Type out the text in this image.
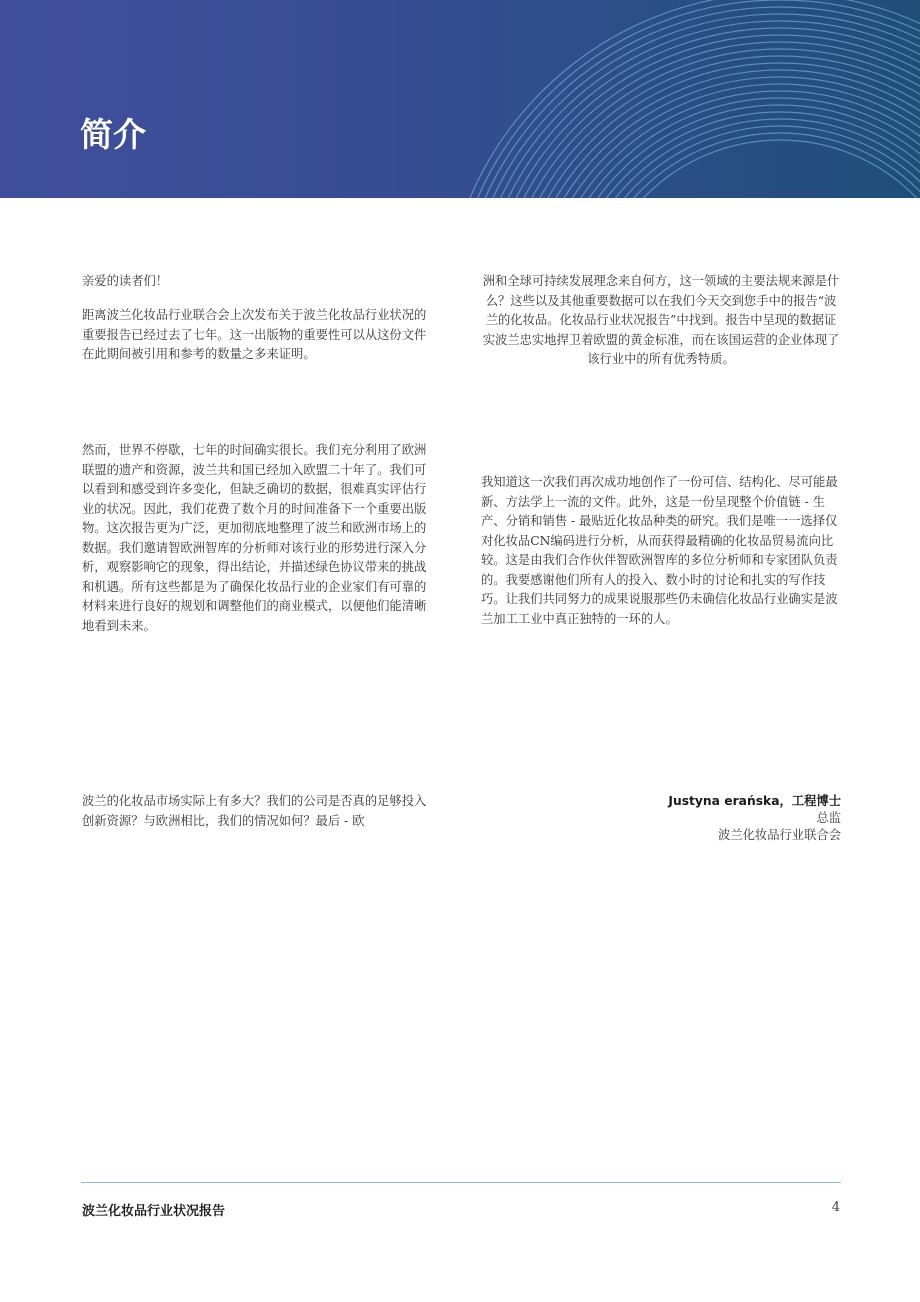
简介

亲爱的读者们！

距离波兰化妆品行业联合会上次发布关于波兰化妆品行业状况的重要报告已经过去了七年。这一出版物的重要性可以从这份文件在此期间被引用和参考的数量之多来证明。

然而，世界不停歇，七年的时间确实很长。我们充分利用了欧洲联盟的遗产和资源，波兰共和国已经加入欧盟二十年了。我们可以看到和感受到许多变化，但缺乏确切的数据，很难真实评估行业的状况。因此，我们花费了数个月的时间准备下一个重要出版物。这次报告更为广泛，更加彻底地整理了波兰和欧洲市场上的数据。我们邀请智欧洲智库的分析师对该行业的形势进行深入分析，观察影响它的现象，得出结论，并描述绿色协议带来的挑战和机遇。所有这些都是为了确保化妆品行业的企业家们有可靠的材料来进行良好的规划和调整他们的商业模式，以便他们能清晰地看到未来。

波兰的化妆品市场实际上有多大？我们的公司是否真的足够投入创新资源？与欧洲相比，我们的情况如何？最后 - 欧

洲和全球可持续发展理念来自何方，这一领域的主要法规来源是什么？这些以及其他重要数据可以在我们今天交到您手中的报告“波兰的化妆品。化妆品行业状况报告”中找到。报告中呈现的数据证实波兰忠实地捍卫着欧盟的黄金标准，而在该国运营的企业体现了该行业中的所有优秀特质。

我知道这一次我们再次成功地创作了一份可信、结构化、尽可能最新、方法学上一流的文件。此外，这是一份呈现整个价值链 - 生产、分销和销售 - 最贴近化妆品种类的研究。我们是唯一一选择仅对化妆品CN编码进行分析，从而获得最精确的化妆品贸易流向比较。这是由我们合作伙伴智欧洲智库的多位分析师和专家团队负责的。我要感谢他们所有人的投入、数小时的讨论和扎实的写作技巧。让我们共同努力的成果说服那些仍未确信化妆品行业确实是波兰加工工业中真正独特的一环的人。

Justyna erańska，工程博士
总监
波兰化妆品行业联合会
波兰化妆品行业状况报告	4
